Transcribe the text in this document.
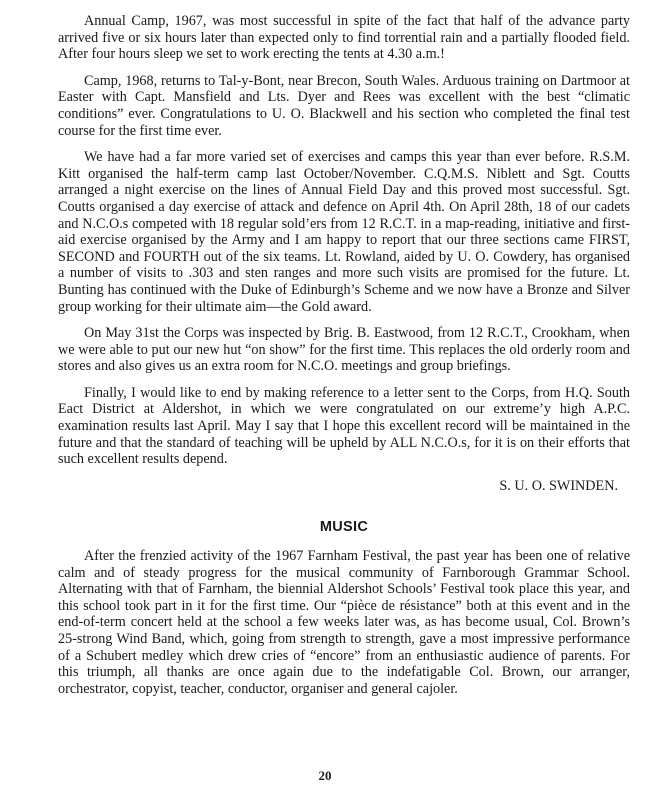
Annual Camp, 1967, was most successful in spite of the fact that half of the advance party arrived five or six hours later than expected only to find torrential rain and a partially flooded field. After four hours sleep we set to work erecting the tents at 4.30 a.m.!

Camp, 1968, returns to Tal-y-Bont, near Brecon, South Wales. Arduous training on Dartmoor at Easter with Capt. Mansfield and Lts. Dyer and Rees was excellent with the best “climatic conditions” ever. Congratulations to U. O. Blackwell and his section who completed the final test course for the first time ever.

We have had a far more varied set of exercises and camps this year than ever before. R.S.M. Kitt organised the half-term camp last October/November. C.Q.M.S. Niblett and Sgt. Coutts arranged a night exercise on the lines of Annual Field Day and this proved most successful. Sgt. Coutts organised a day exercise of attack and defence on April 4th. On April 28th, 18 of our cadets and N.C.O.s competed with 18 regular sold’ers from 12 R.C.T. in a map-reading, initiative and first-aid exercise organised by the Army and I am happy to report that our three sections came FIRST, SECOND and FOURTH out of the six teams. Lt. Rowland, aided by U. O. Cowdery, has organised a number of visits to .303 and sten ranges and more such visits are promised for the future. Lt. Bunting has continued with the Duke of Edinburgh’s Scheme and we now have a Bronze and Silver group working for their ultimate aim—the Gold award.

On May 31st the Corps was inspected by Brig. B. Eastwood, from 12 R.C.T., Crookham, when we were able to put our new hut “on show” for the first time. This replaces the old orderly room and stores and also gives us an extra room for N.C.O. meetings and group briefings.

Finally, I would like to end by making reference to a letter sent to the Corps, from H.Q. South Eact District at Aldershot, in which we were congratulated on our extreme’y high A.P.C. examination results last April. May I say that I hope this excellent record will be maintained in the future and that the standard of teaching will be upheld by ALL N.C.O.s, for it is on their efforts that such excellent results depend.

S. U. O. SWINDEN.

MUSIC

After the frenzied activity of the 1967 Farnham Festival, the past year has been one of relative calm and of steady progress for the musical community of Farnborough Grammar School. Alternating with that of Farnham, the biennial Aldershot Schools’ Festival took place this year, and this school took part in it for the first time. Our “pièce de résistance” both at this event and in the end-of-term concert held at the school a few weeks later was, as has become usual, Col. Brown’s 25-strong Wind Band, which, going from strength to strength, gave a most impressive performance of a Schubert medley which drew cries of “encore” from an enthusiastic audience of parents. For this triumph, all thanks are once again due to the indefatigable Col. Brown, our arranger, orchestrator, copyist, teacher, conductor, organiser and general cajoler.

20
